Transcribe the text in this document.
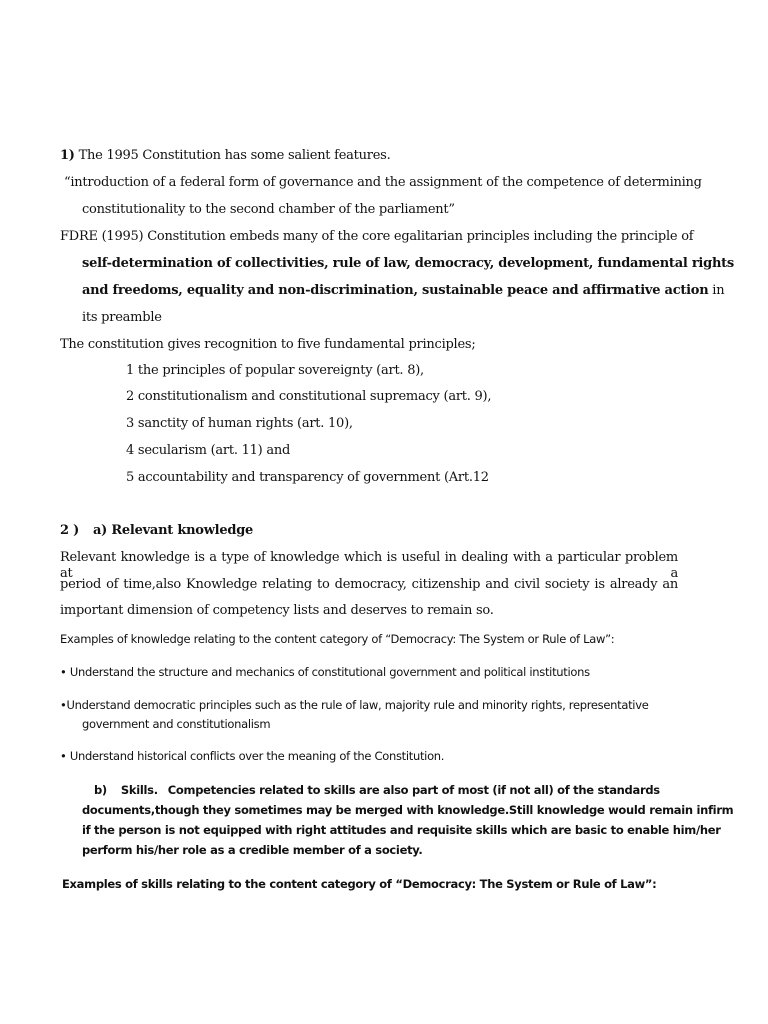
1) The 1995 Constitution has some salient features.
“introduction of a federal form of governance and the assignment of the competence of determining
constitutionality to the second chamber of the parliament”
FDRE (1995) Constitution embeds many of the core egalitarian principles including the principle of
self-determination of collectivities, rule of law, democracy, development, fundamental rights
and freedoms, equality and non-discrimination, sustainable peace and affirmative action in
its preamble
The constitution gives recognition to five fundamental principles;
1 the principles of popular sovereignty (art. 8),
2 constitutionalism and constitutional supremacy (art. 9),
3 sanctity of human rights (art. 10),
4 secularism (art. 11) and
5 accountability and transparency of government (Art.12
2 ) a) Relevant knowledge
Relevant knowledge is a type of knowledge which is useful in dealing with a particular problem at a
period of time,also Knowledge relating to democracy, citizenship and civil society is already an
important dimension of competency lists and deserves to remain so.
Examples of knowledge relating to the content category of “Democracy: The System or Rule of Law”:
• Understand the structure and mechanics of constitutional government and political institutions
•Understand democratic principles such as the rule of law, majority rule and minority rights, representative
government and constitutionalism
• Understand historical conflicts over the meaning of the Constitution.
b) Skills. Competencies related to skills are also part of most (if not all) of the standards
documents,though they sometimes may be merged with knowledge.Still knowledge would remain infirm
if the person is not equipped with right attitudes and requisite skills which are basic to enable him/her
perform his/her role as a credible member of a society.
Examples of skills relating to the content category of “Democracy: The System or Rule of Law”:
